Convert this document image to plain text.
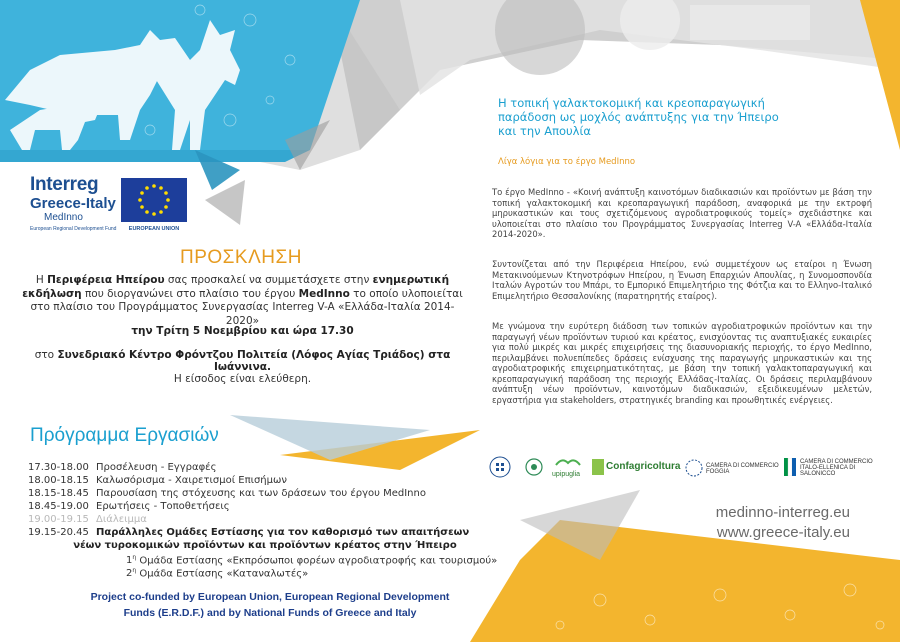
Interreg
Greece-Italy
MedInno
European Regional Development Fund	EUROPEAN UNION
ΠΡΟΣΚΛΗΣΗ
Η Περιφέρεια Ηπείρου σας προσκαλεί να συμμετάσχετε στην ενημερωτική εκδήλωση που διοργανώνει στο πλαίσιο του έργου MedInno το οποίο υλοποιείται στο πλαίσιο του Προγράμματος Συνεργασίας Interreg V-A «Ελλάδα-Ιταλία 2014-2020»
την Τρίτη 5 Νοεμβρίου και ώρα 17.30
στο Συνεδριακό Κέντρο Φρόντζου Πολιτεία (Λόφος Αγίας Τριάδος) στα Ιωάννινα.
Η είσοδος είναι ελεύθερη.
Πρόγραμμα Εργασιών
17.30-18.00 Προσέλευση - Εγγραφές
18.00-18.15 Καλωσόρισμα - Χαιρετισμοί Επισήμων
18.15-18.45 Παρουσίαση της στόχευσης και των δράσεων του έργου MedInno
18.45-19.00 Ερωτήσεις - Τοποθετήσεις
19.00-19.15 Διάλειμμα
19.15-20.45 Παράλληλες Ομάδες Εστίασης για τον καθορισμό των απαιτήσεων
νέων τυροκομικών προϊόντων και προϊόντων κρέατος στην Ήπειρο
$1^\eta$ Ομάδα Εστίασης «Εκπρόσωποι φορέων αγροδιατροφής και τουρισμού»
$2^\eta$ Ομάδα Εστίασης «Καταναλωτές»
Project co-funded by European Union, European Regional Development
Funds (E.R.D.F.) and by National Funds of Greece and Italy
Η τοπική γαλακτοκομική και κρεοπαραγωγική παράδοση ως μοχλός ανάπτυξης για την Ήπειρο και την Απουλία
Λίγα λόγια για το έργο MedInno
Το έργο MedInno - «Κοινή ανάπτυξη καινοτόμων διαδικασιών και προϊόντων με βάση την τοπική γαλακτοκομική και κρεοπαραγωγική παράδοση, αναφορικά με την εκτροφή μηρυκαστικών και τους σχετιζόμενους αγροδιατροφικούς τομείς» σχεδιάστηκε και υλοποιείται στο πλαίσιο του Προγράμματος Συνεργασίας Interreg V-A «Ελλάδα-Ιταλία 2014-2020».
Συντονίζεται από την Περιφέρεια Ηπείρου, ενώ συμμετέχουν ως εταίροι η Ένωση Μετακινούμενων Κτηνοτρόφων Ηπείρου, η Ένωση Επαρχιών Απουλίας, η Συνομοσπονδία Ιταλών Αγροτών του Μπάρι, το Εμπορικό Επιμελητήριο της Φότζια και το Ελληνο-Ιταλικό Επιμελητήριο Θεσσαλονίκης (παρατηρητής εταίρος).
Με γνώμονα την ευρύτερη διάδοση των τοπικών αγροδιατροφικών προϊόντων και την παραγωγή νέων προϊόντων τυριού και κρέατος, ενισχύοντας τις αναπτυξιακές ευκαιρίες για πολύ μικρές και μικρές επιχειρήσεις της διασυνοριακής περιοχής, το έργο MedInno, περιλαμβάνει πολυεπίπεδες δράσεις ενίσχυσης της παραγωγής μηρυκαστικών και της αγροδιατροφικής επιχειρηματικότητας, με βάση την τοπική γαλακτοπαραγωγική και κρεοπαραγωγική παράδοση της περιοχής Ελλάδας-Ιταλίας. Οι δράσεις περιλαμβάνουν ανάπτυξη νέων προϊόντων, καινοτόμων διαδικασιών, εξειδικευμένων μελετών, εργαστήρια για stakeholders, στρατηγικές branding και προωθητικές ενέργειες.
upipuglia
Confagricoltura	CAMERA DI COMMERCIO FOGGIA
CAMERA DI COMMERCIO ITALO-ELLENICA DI SALONICCO
medinno-interreg.eu
www.greece-italy.eu
